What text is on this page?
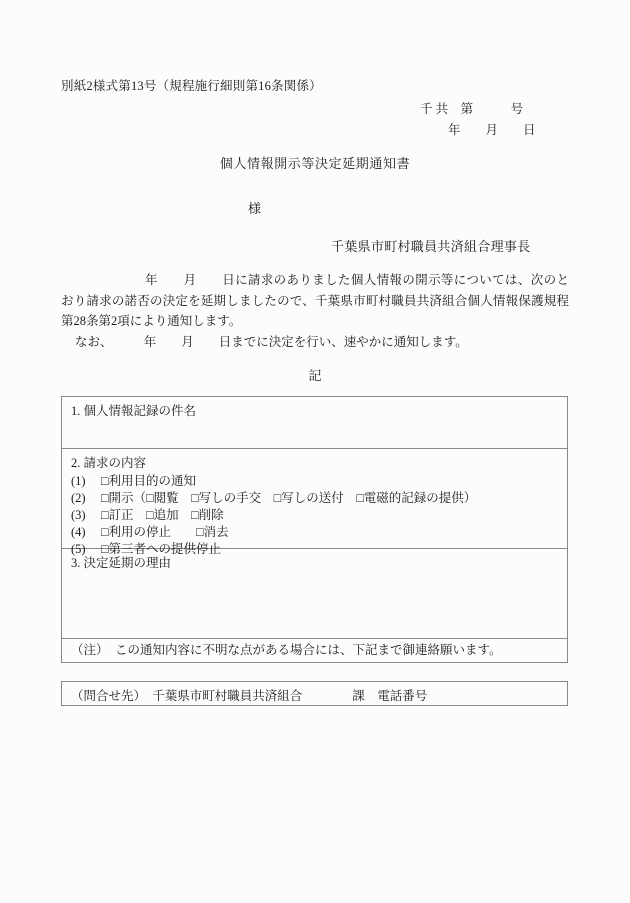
別紙2様式第13号（規程施行細則第16条関係）
千 共　第　　　号
年　　月　　日
個人情報開示等決定延期通知書
様
千葉県市町村職員共済組合理事長

年　　月　　日に請求のありました個人情報の開示等については、次のとおり請求の諾否の決定を延期しましたので、千葉県市町村職員共済組合個人情報保護規程第28条第2項により通知します。

なお、　　　年　　月　　日までに決定を行い、速やかに通知します。

記
1. 個人情報記録の件名
2. 請求の内容
(1) □利用目的の通知
(2) □開示（□閲覧　□写しの手交　□写しの送付　□電磁的記録の提供）
(3) □訂正　□追加　□削除
(4) □利用の停止　　□消去
(5) □第三者への提供停止
3. 決定延期の理由
（注） この通知内容に不明な点がある場合には、下記まで御連絡願います。
（問合せ先）　千葉県市町村職員共済組合　　　　課　電話番号
